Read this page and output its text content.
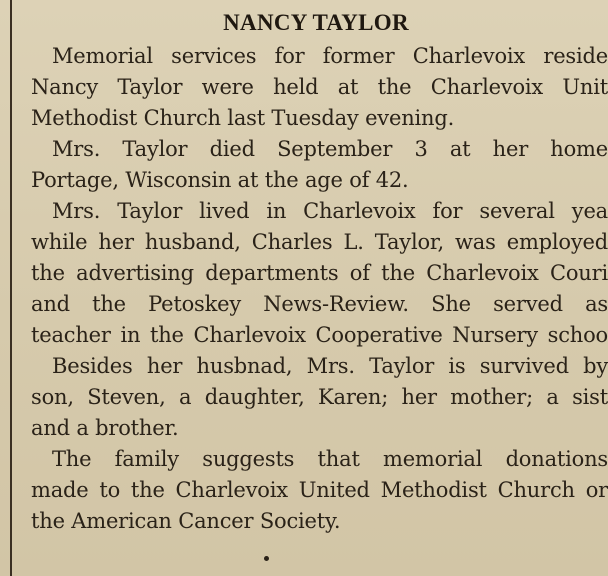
NANCY TAYLOR
Memorial services for former Charlevoix reside
Nancy Taylor were held at the Charlevoix Unit
Methodist Church last Tuesday evening.
Mrs. Taylor died September 3 at her home
Portage, Wisconsin at the age of 42.
Mrs. Taylor lived in Charlevoix for several yea
while her husband, Charles L. Taylor, was employed
the advertising departments of the Charlevoix Couri
and the Petoskey News-Review. She served as
teacher in the Charlevoix Cooperative Nursery schoo
Besides her husbnad, Mrs. Taylor is survived by
son, Steven, a daughter, Karen; her mother; a sist
and a brother.
The family suggests that memorial donations
made to the Charlevoix United Methodist Church or
the American Cancer Society.
